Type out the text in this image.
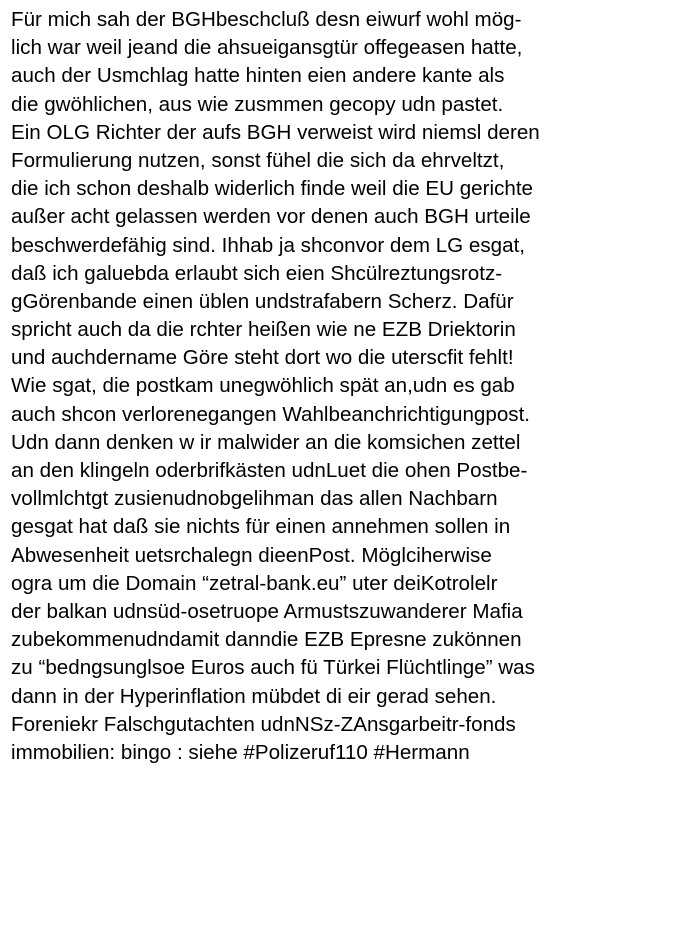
Für mich sah der BGHbeschcluß desn eiwurf wohl mög-
lich war weil jeand die ahsueigansgtür offegeasen hatte,
auch der Usmchlag hatte hinten eien andere kante als
die gwöhlichen, aus wie zusmmen gecopy udn pastet.
Ein OLG Richter der aufs BGH verweist wird niemsl deren
Formulierung nutzen, sonst fühel die sich da ehrveltzt,
die ich schon deshalb widerlich finde weil die EU gerichte
außer acht gelassen werden vor denen auch BGH urteile
beschwerdefähig sind. Ihhab ja shconvor dem LG esgat,
daß ich galuebda erlaubt sich eien Shcülreztungsrotz-
gGörenbande einen üblen undstrafabern Scherz. Dafür
spricht auch da die rchter heißen wie ne EZB Driektorin
und auchdername Göre steht dort wo die uterscfit fehlt!
Wie sgat, die postkam unegwöhlich spät an,udn es gab
auch shcon verlorenegangen Wahlbeanchrichtigungpost.
Udn dann denken w ir malwider an die komsichen zettel
an den klingeln oderbrifkästen udnLuet die ohen Postbe-
vollmlchtgt zusienudnobgelihman das allen Nachbarn
gesgat hat daß sie nichts für einen annehmen sollen in
Abwesenheit uetsrchalegn dieenPost. Möglciherwise
ogra um die Domain “zetral-bank.eu” uter deiKotrolelr
der balkan udnsüd-osetruope Armustszuwanderer Mafia
zubekommenudndamit danndie EZB Epresne zukönnen
zu “bedngsunglsoe Euros auch fü Türkei Flüchtlinge” was
dann in der Hyperinflation mübdet di eir gerad sehen.
Foreniekr Falschgutachten udnNSz-ZAnsgarbeitr-fonds
immobilien: bingo : siehe #Polizeruf110 #Hermann
